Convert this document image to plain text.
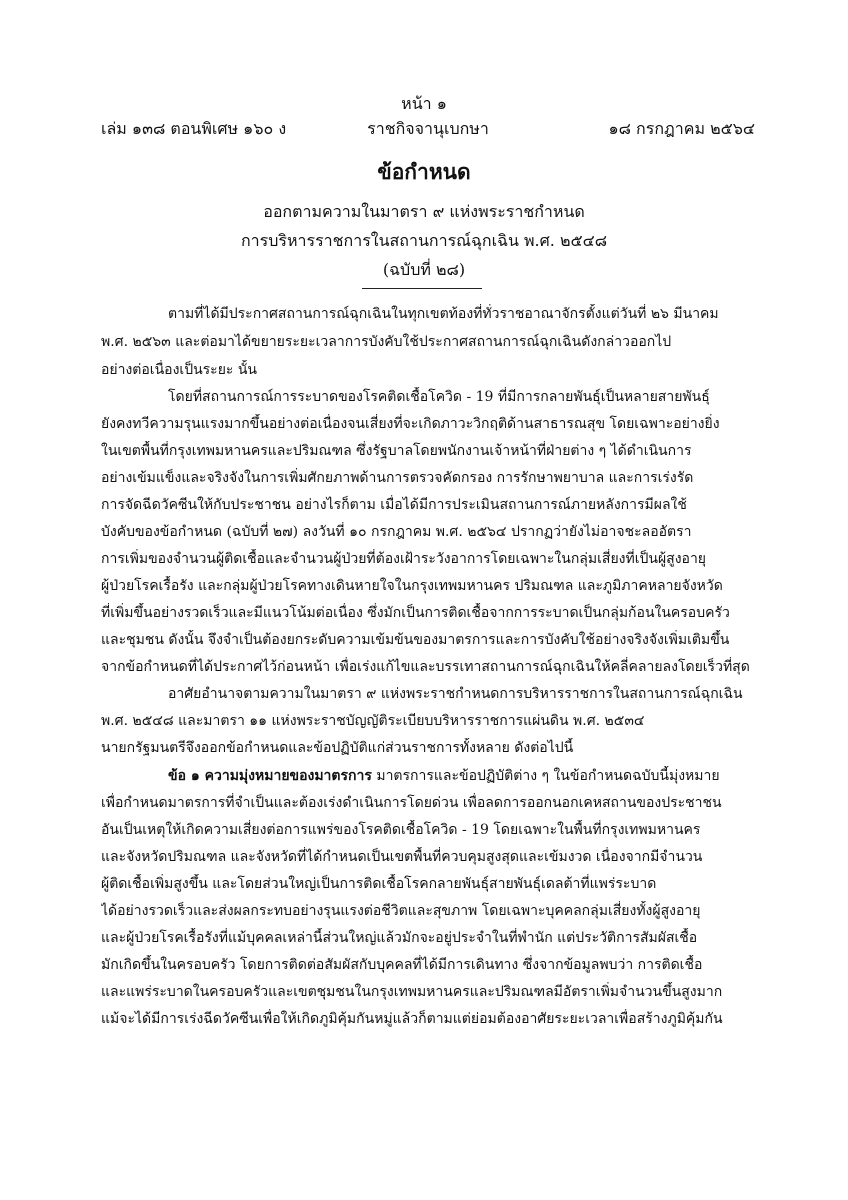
หน้า ๑
เล่ม ๑๓๘ ตอนพิเศษ ๑๖๐ ง	ราชกิจจานุเบกษา	๑๘ กรกฎาคม ๒๕๖๔
ข้อกำหนด
ออกตามความในมาตรา ๙ แห่งพระราชกำหนด
การบริหารราชการในสถานการณ์ฉุกเฉิน พ.ศ. ๒๕๔๘
(ฉบับที่ ๒๘)
ตามที่ได้มีประกาศสถานการณ์ฉุกเฉินในทุกเขตท้องที่ทั่วราชอาณาจักรตั้งแต่วันที่ ๒๖ มีนาคม
พ.ศ. ๒๕๖๓ และต่อมาได้ขยายระยะเวลาการบังคับใช้ประกาศสถานการณ์ฉุกเฉินดังกล่าวออกไป
อย่างต่อเนื่องเป็นระยะ นั้น
โดยที่สถานการณ์การระบาดของโรคติดเชื้อโควิด - 19 ที่มีการกลายพันธุ์เป็นหลายสายพันธุ์
ยังคงทวีความรุนแรงมากขึ้นอย่างต่อเนื่องจนเสี่ยงที่จะเกิดภาวะวิกฤติด้านสาธารณสุข โดยเฉพาะอย่างยิ่ง
ในเขตพื้นที่กรุงเทพมหานครและปริมณฑล ซึ่งรัฐบาลโดยพนักงานเจ้าหน้าที่ฝ่ายต่าง ๆ ได้ดำเนินการ
อย่างเข้มแข็งและจริงจังในการเพิ่มศักยภาพด้านการตรวจคัดกรอง การรักษาพยาบาล และการเร่งรัด
การจัดฉีดวัคซีนให้กับประชาชน อย่างไรก็ตาม เมื่อได้มีการประเมินสถานการณ์ภายหลังการมีผลใช้
บังคับของข้อกำหนด (ฉบับที่ ๒๗) ลงวันที่ ๑๐ กรกฎาคม พ.ศ. ๒๕๖๔ ปรากฏว่ายังไม่อาจชะลออัตรา
การเพิ่มของจำนวนผู้ติดเชื้อและจำนวนผู้ป่วยที่ต้องเฝ้าระวังอาการโดยเฉพาะในกลุ่มเสี่ยงที่เป็นผู้สูงอายุ
ผู้ป่วยโรคเรื้อรัง และกลุ่มผู้ป่วยโรคทางเดินหายใจในกรุงเทพมหานคร ปริมณฑล และภูมิภาคหลายจังหวัด
ที่เพิ่มขึ้นอย่างรวดเร็วและมีแนวโน้มต่อเนื่อง ซึ่งมักเป็นการติดเชื้อจากการระบาดเป็นกลุ่มก้อนในครอบครัว
และชุมชน ดังนั้น จึงจำเป็นต้องยกระดับความเข้มข้นของมาตรการและการบังคับใช้อย่างจริงจังเพิ่มเติมขึ้น
จากข้อกำหนดที่ได้ประกาศไว้ก่อนหน้า เพื่อเร่งแก้ไขและบรรเทาสถานการณ์ฉุกเฉินให้คลี่คลายลงโดยเร็วที่สุด
อาศัยอำนาจตามความในมาตรา ๙ แห่งพระราชกำหนดการบริหารราชการในสถานการณ์ฉุกเฉิน
พ.ศ. ๒๕๔๘ และมาตรา ๑๑ แห่งพระราชบัญญัติระเบียบบริหารราชการแผ่นดิน พ.ศ. ๒๕๓๔
นายกรัฐมนตรีจึงออกข้อกำหนดและข้อปฏิบัติแก่ส่วนราชการทั้งหลาย ดังต่อไปนี้
ข้อ ๑ ความมุ่งหมายของมาตรการ มาตรการและข้อปฏิบัติต่าง ๆ ในข้อกำหนดฉบับนี้มุ่งหมาย
เพื่อกำหนดมาตรการที่จำเป็นและต้องเร่งดำเนินการโดยด่วน เพื่อลดการออกนอกเคหสถานของประชาชน
อันเป็นเหตุให้เกิดความเสี่ยงต่อการแพร่ของโรคติดเชื้อโควิด - 19 โดยเฉพาะในพื้นที่กรุงเทพมหานคร
และจังหวัดปริมณฑล และจังหวัดที่ได้กำหนดเป็นเขตพื้นที่ควบคุมสูงสุดและเข้มงวด เนื่องจากมีจำนวน
ผู้ติดเชื้อเพิ่มสูงขึ้น และโดยส่วนใหญ่เป็นการติดเชื้อโรคกลายพันธุ์สายพันธุ์เดลต้าที่แพร่ระบาด
ได้อย่างรวดเร็วและส่งผลกระทบอย่างรุนแรงต่อชีวิตและสุขภาพ โดยเฉพาะบุคคลกลุ่มเสี่ยงทั้งผู้สูงอายุ
และผู้ป่วยโรคเรื้อรังที่แม้บุคคลเหล่านี้ส่วนใหญ่แล้วมักจะอยู่ประจำในที่พำนัก แต่ประวัติการสัมผัสเชื้อ
มักเกิดขึ้นในครอบครัว โดยการติดต่อสัมผัสกับบุคคลที่ได้มีการเดินทาง ซึ่งจากข้อมูลพบว่า การติดเชื้อ
และแพร่ระบาดในครอบครัวและเขตชุมชนในกรุงเทพมหานครและปริมณฑลมีอัตราเพิ่มจำนวนขึ้นสูงมาก
แม้จะได้มีการเร่งฉีดวัคซีนเพื่อให้เกิดภูมิคุ้มกันหมู่แล้วก็ตามแต่ย่อมต้องอาศัยระยะเวลาเพื่อสร้างภูมิคุ้มกัน
